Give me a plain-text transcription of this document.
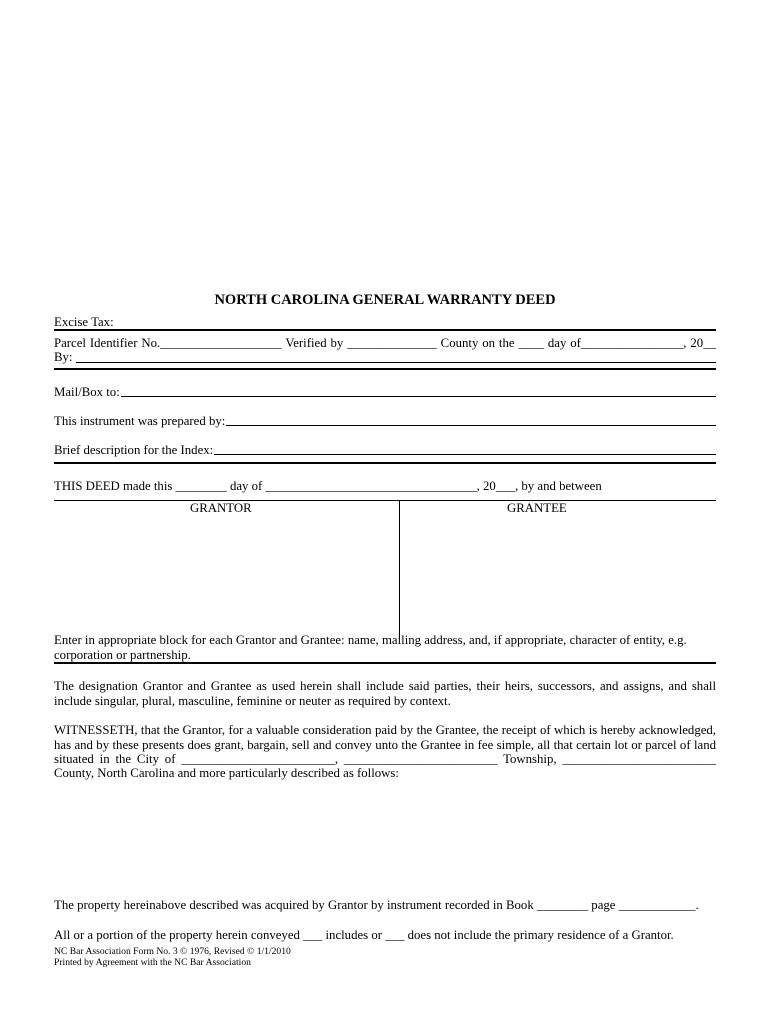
NORTH CAROLINA GENERAL WARRANTY DEED
Excise Tax:
Parcel Identifier No.___________________ Verified by ______________ County on the ____ day of________________, 20__
By:
Mail/Box to:
This instrument was prepared by:
Brief description for the Index:
THIS DEED made this ________ day of _________________________________, 20___, by and between
GRANTOR	GRANTEE
Enter in appropriate block for each Grantor and Grantee: name, mailing address, and, if appropriate, character of entity, e.g. corporation or partnership.
The designation Grantor and Grantee as used herein shall include said parties, their heirs, successors, and assigns, and shall include singular, plural, masculine, feminine or neuter as required by context.
WITNESSETH, that the Grantor, for a valuable consideration paid by the Grantee, the receipt of which is hereby acknowledged,
has and by these presents does grant, bargain, sell and convey unto the Grantee in fee simple, all that certain lot or parcel of land
situated in the City of ________________________, ________________________ Township, ________________________
County, North Carolina and more particularly described as follows:
The property hereinabove described was acquired by Grantor by instrument recorded in Book ________ page ____________.
All or a portion of the property herein conveyed ___ includes or ___ does not include the primary residence of a Grantor.
NC Bar Association Form No. 3 © 1976, Revised © 1/1/2010
Printed by Agreement with the NC Bar Association
